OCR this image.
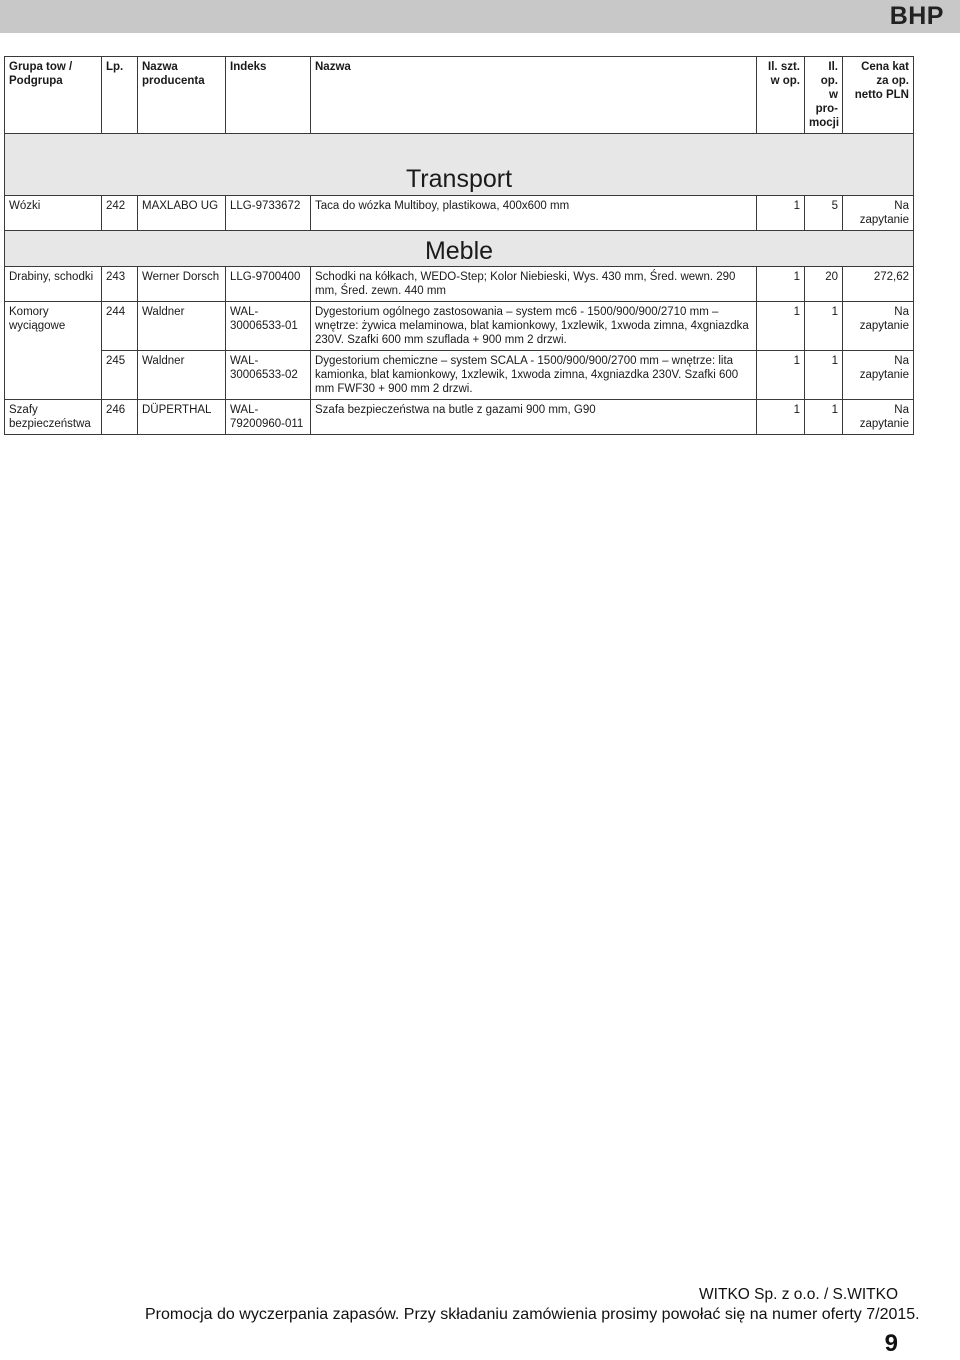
BHP
Grupa tow / Podgrupa	Lp.	Nazwa producenta	Indeks	Nazwa	Il. szt. w op.	Il. op. w pro-mocji	Cena kat za op. netto PLN
Transport							
Wózki	242	MAXLABO UG	LLG-9733672	Taca do wózka Multiboy, plastikowa, 400x600 mm	1	5	Na zapytanie
Meble							
Drabiny, schodki	243	Werner Dorsch	LLG-9700400	Schodki na kółkach, WEDO-Step; Kolor Niebieski, Wys. 430 mm, Śred. wewn. 290 mm, Śred. zewn. 440 mm	1	20	272,62
Komory wyciągowe	244	Waldner	WAL-30006533-01	Dygestorium ogólnego zastosowania – system mc6 - 1500/900/900/2710 mm – wnętrze: żywica melaminowa, blat kamionkowy, 1xzlewik, 1xwoda zimna, 4xgniazdka 230V. Szafki 600 mm szuflada + 900 mm 2 drzwi.	1	1	Na zapytanie
	245	Waldner	WAL-30006533-02	Dygestorium chemiczne – system SCALA - 1500/900/900/2700 mm – wnętrze: lita kamionka, blat kamionkowy, 1xzlewik, 1xwoda zimna, 4xgniazdka 230V. Szafki 600 mm FWF30 + 900 mm 2 drzwi.	1	1	Na zapytanie
Szafy bezpieczeństwa	246	DÜPERTHAL	WAL-79200960-011	Szafa bezpieczeństwa na butle z gazami 900 mm, G90	1	1	Na zapytanie
WITKO Sp. z o.o. / S.WITKO
Promocja do wyczerpania zapasów. Przy składaniu zamówienia prosimy powołać się na numer oferty 7/2015.
9
